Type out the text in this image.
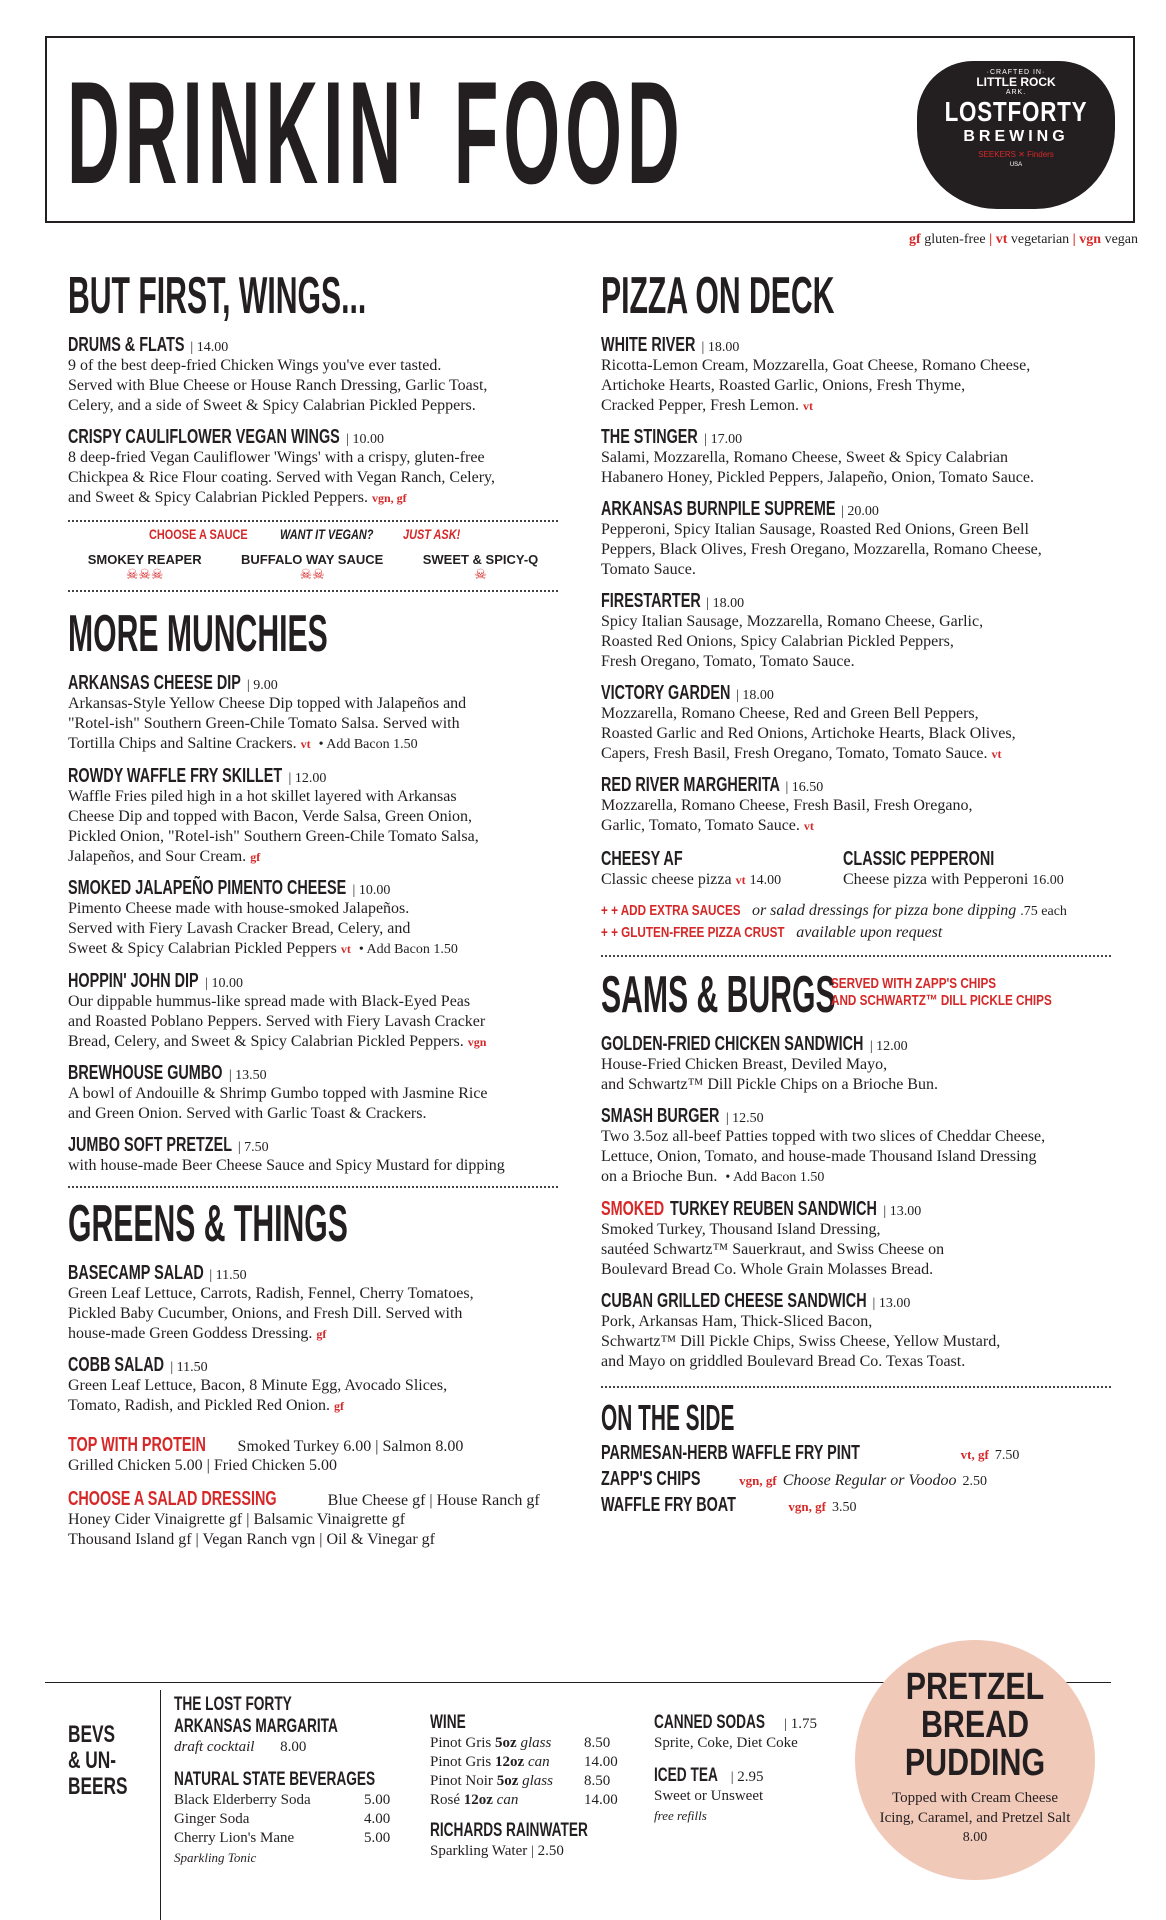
DRINKIN' FOOD	·CRAFTED IN·
LITTLE ROCK
ARK.
LOSTFORTY
BREWING
SEEKERS ✕ Finders
USA
gf gluten-free | vt vegetarian | vgn vegan
BUT FIRST, WINGS...
DRUMS & FLATS | 14.00
9 of the best deep-fried Chicken Wings you've ever tasted.
Served with Blue Cheese or House Ranch Dressing, Garlic Toast,
Celery, and a side of Sweet & Spicy Calabrian Pickled Peppers.
CRISPY CAULIFLOWER VEGAN WINGS | 10.00
8 deep-fried Vegan Cauliflower 'Wings' with a crispy, gluten-free
Chickpea & Rice Flour coating. Served with Vegan Ranch, Celery,
and Sweet & Spicy Calabrian Pickled Peppers. vgn, gf
CHOOSE A SAUCE WANT IT VEGAN? JUST ASK!
SMOKEY REAPER
☠☠☠
BUFFALO WAY SAUCE
☠☠
SWEET & SPICY-Q
☠
MORE MUNCHIES
ARKANSAS CHEESE DIP | 9.00
Arkansas-Style Yellow Cheese Dip topped with Jalapeños and
"Rotel-ish" Southern Green-Chile Tomato Salsa. Served with
Tortilla Chips and Saltine Crackers. vt • Add Bacon 1.50
ROWDY WAFFLE FRY SKILLET | 12.00
Waffle Fries piled high in a hot skillet layered with Arkansas
Cheese Dip and topped with Bacon, Verde Salsa, Green Onion,
Pickled Onion, "Rotel-ish" Southern Green-Chile Tomato Salsa,
Jalapeños, and Sour Cream. gf
SMOKED JALAPEÑO PIMENTO CHEESE | 10.00
Pimento Cheese made with house-smoked Jalapeños.
Served with Fiery Lavash Cracker Bread, Celery, and
Sweet & Spicy Calabrian Pickled Peppers vt • Add Bacon 1.50
HOPPIN' JOHN DIP | 10.00
Our dippable hummus-like spread made with Black-Eyed Peas
and Roasted Poblano Peppers. Served with Fiery Lavash Cracker
Bread, Celery, and Sweet & Spicy Calabrian Pickled Peppers. vgn
BREWHOUSE GUMBO | 13.50
A bowl of Andouille & Shrimp Gumbo topped with Jasmine Rice
and Green Onion. Served with Garlic Toast & Crackers.
JUMBO SOFT PRETZEL | 7.50
with house-made Beer Cheese Sauce and Spicy Mustard for dipping
GREENS & THINGS
BASECAMP SALAD | 11.50
Green Leaf Lettuce, Carrots, Radish, Fennel, Cherry Tomatoes,
Pickled Baby Cucumber, Onions, and Fresh Dill. Served with
house-made Green Goddess Dressing. gf
COBB SALAD | 11.50
Green Leaf Lettuce, Bacon, 8 Minute Egg, Avocado Slices,
Tomato, Radish, and Pickled Red Onion. gf
TOP WITH PROTEIN Smoked Turkey 6.00 | Salmon 8.00
Grilled Chicken 5.00 | Fried Chicken 5.00
CHOOSE A SALAD DRESSING	Blue Cheese gf | House Ranch gf
Honey Cider Vinaigrette gf | Balsamic Vinaigrette gf
Thousand Island gf | Vegan Ranch vgn | Oil & Vinegar gf
PIZZA ON DECK
WHITE RIVER | 18.00
Ricotta-Lemon Cream, Mozzarella, Goat Cheese, Romano Cheese,
Artichoke Hearts, Roasted Garlic, Onions, Fresh Thyme,
Cracked Pepper, Fresh Lemon. vt
THE STINGER | 17.00
Salami, Mozzarella, Romano Cheese, Sweet & Spicy Calabrian
Habanero Honey, Pickled Peppers, Jalapeño, Onion, Tomato Sauce.
ARKANSAS BURNPILE SUPREME | 20.00
Pepperoni, Spicy Italian Sausage, Roasted Red Onions, Green Bell
Peppers, Black Olives, Fresh Oregano, Mozzarella, Romano Cheese,
Tomato Sauce.
FIRESTARTER | 18.00
Spicy Italian Sausage, Mozzarella, Romano Cheese, Garlic,
Roasted Red Onions, Spicy Calabrian Pickled Peppers,
Fresh Oregano, Tomato, Tomato Sauce.
VICTORY GARDEN | 18.00
Mozzarella, Romano Cheese, Red and Green Bell Peppers,
Roasted Garlic and Red Onions, Artichoke Hearts, Black Olives,
Capers, Fresh Basil, Fresh Oregano, Tomato, Tomato Sauce. vt
RED RIVER MARGHERITA | 16.50
Mozzarella, Romano Cheese, Fresh Basil, Fresh Oregano,
Garlic, Tomato, Tomato Sauce. vt
CHEESY AF
Classic cheese pizza vt 14.00
CLASSIC PEPPERONI
Cheese pizza with Pepperoni 16.00
+ + ADD EXTRA SAUCES or salad dressings for pizza bone dipping .75 each
+ + GLUTEN-FREE PIZZA CRUST available upon request
SAMS & BURGS
SERVED WITH ZAPP'S CHIPS
AND SCHWARTZ™ DILL PICKLE CHIPS
GOLDEN-FRIED CHICKEN SANDWICH | 12.00
House-Fried Chicken Breast, Deviled Mayo,
and Schwartz™ Dill Pickle Chips on a Brioche Bun.
SMASH BURGER | 12.50
Two 3.5oz all-beef Patties topped with two slices of Cheddar Cheese,
Lettuce, Onion, Tomato, and house-made Thousand Island Dressing
on a Brioche Bun. • Add Bacon 1.50
SMOKED TURKEY REUBEN SANDWICH | 13.00
Smoked Turkey, Thousand Island Dressing,
sautéed Schwartz™ Sauerkraut, and Swiss Cheese on
Boulevard Bread Co. Whole Grain Molasses Bread.
CUBAN GRILLED CHEESE SANDWICH | 13.00
Pork, Arkansas Ham, Thick-Sliced Bacon,
Schwartz™ Dill Pickle Chips, Swiss Cheese, Yellow Mustard,
and Mayo on griddled Boulevard Bread Co. Texas Toast.
ON THE SIDE
PARMESAN-HERB WAFFLE FRY PINT	vt, gf 7.50
ZAPP'S CHIPS	vgn, gf Choose Regular or Voodoo 2.50
WAFFLE FRY BOAT	vgn, gf 3.50
BEVS
& UN-
BEERS
THE LOST FORTY
ARKANSAS MARGARITA
draft cocktail 8.00
NATURAL STATE BEVERAGES
Black Elderberry Soda	5.00
Ginger Soda	4.00
Cherry Lion's Mane	5.00
Sparkling Tonic
WINE
Pinot Gris 5oz glass 8.50
Pinot Gris 12oz can 14.00
Pinot Noir 5oz glass 8.50
Rosé 12oz can	14.00
RICHARDS RAINWATER
Sparkling Water | 2.50
CANNED SODAS | 1.75
Sprite, Coke, Diet Coke
ICED TEA | 2.95
Sweet or Unsweet
free refills
PRETZEL BREAD PUDDING
Topped with Cream Cheese Icing, Caramel, and Pretzel Salt
8.00
